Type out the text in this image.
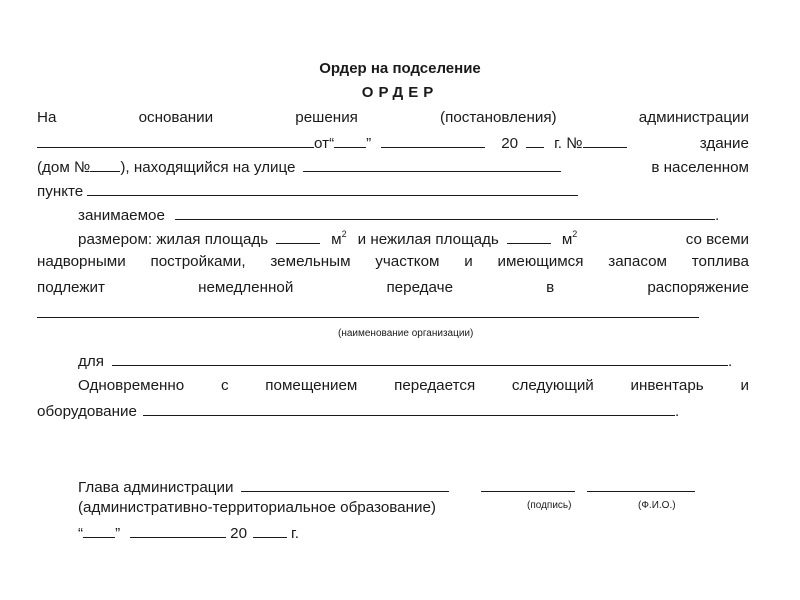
Ордер на подселение
ОРДЕР
На	основании	решения	(постановления)	администрации
от “ ”	20 г. №	здание
(дом № ), находящийся на улице	в населенном
пункте
занимаемое	.
размером: жилая площадь	$м^2$ и нежилая площадь	$м^2$	со всеми
надворными постройками, земельным участком и имеющимся запасом топлива
подлежит	немедленной	передаче	в	распоряжение
(наименование организации)
для	.
Одновременно с помещением передается следующий инвентарь и
оборудование	.
Глава администрации
(административно-территориальное образование)	(подпись)	(Ф.И.О.)
“ ”	20	г.
